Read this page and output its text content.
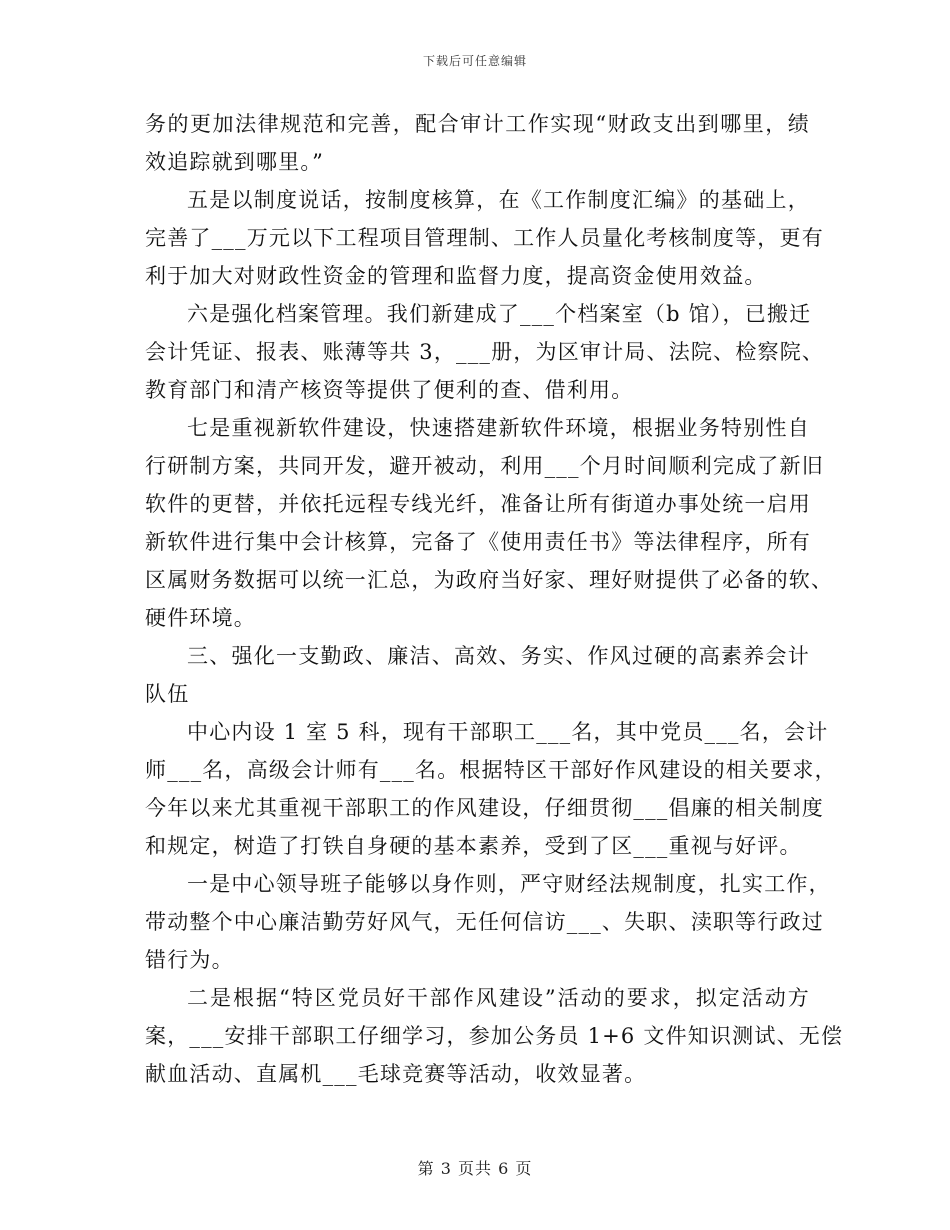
下载后可任意编辑
务的更加法律规范和完善，配合审计工作实现“财政支出到哪里，绩
效追踪就到哪里。”
五是以制度说话，按制度核算，在《工作制度汇编》的基础上，
完善了___万元以下工程项目管理制、工作人员量化考核制度等，更有
利于加大对财政性资金的管理和监督力度，提高资金使用效益。
六是强化档案管理。我们新建成了___个档案室（b 馆），已搬迁
会计凭证、报表、账薄等共 3，___册，为区审计局、法院、检察院、
教育部门和清产核资等提供了便利的查、借利用。
七是重视新软件建设，快速搭建新软件环境，根据业务特别性自
行研制方案，共同开发，避开被动，利用___个月时间顺利完成了新旧
软件的更替，并依托远程专线光纤，准备让所有街道办事处统一启用
新软件进行集中会计核算，完备了《使用责任书》等法律程序，所有
区属财务数据可以统一汇总，为政府当好家、理好财提供了必备的软、
硬件环境。
三、强化一支勤政、廉洁、高效、务实、作风过硬的高素养会计
队伍
中心内设 1 室 5 科，现有干部职工___名，其中党员___名，会计
师___名，高级会计师有___名。根据特区干部好作风建设的相关要求，
今年以来尤其重视干部职工的作风建设，仔细贯彻___倡廉的相关制度
和规定，树造了打铁自身硬的基本素养，受到了区___重视与好评。
一是中心领导班子能够以身作则，严守财经法规制度，扎实工作，
带动整个中心廉洁勤劳好风气，无任何信访___、失职、渎职等行政过
错行为。
二是根据“特区党员好干部作风建设”活动的要求，拟定活动方
案，___安排干部职工仔细学习，参加公务员 1+6 文件知识测试、无偿
献血活动、直属机___毛球竞赛等活动，收效显著。
第 3 页共 6 页
